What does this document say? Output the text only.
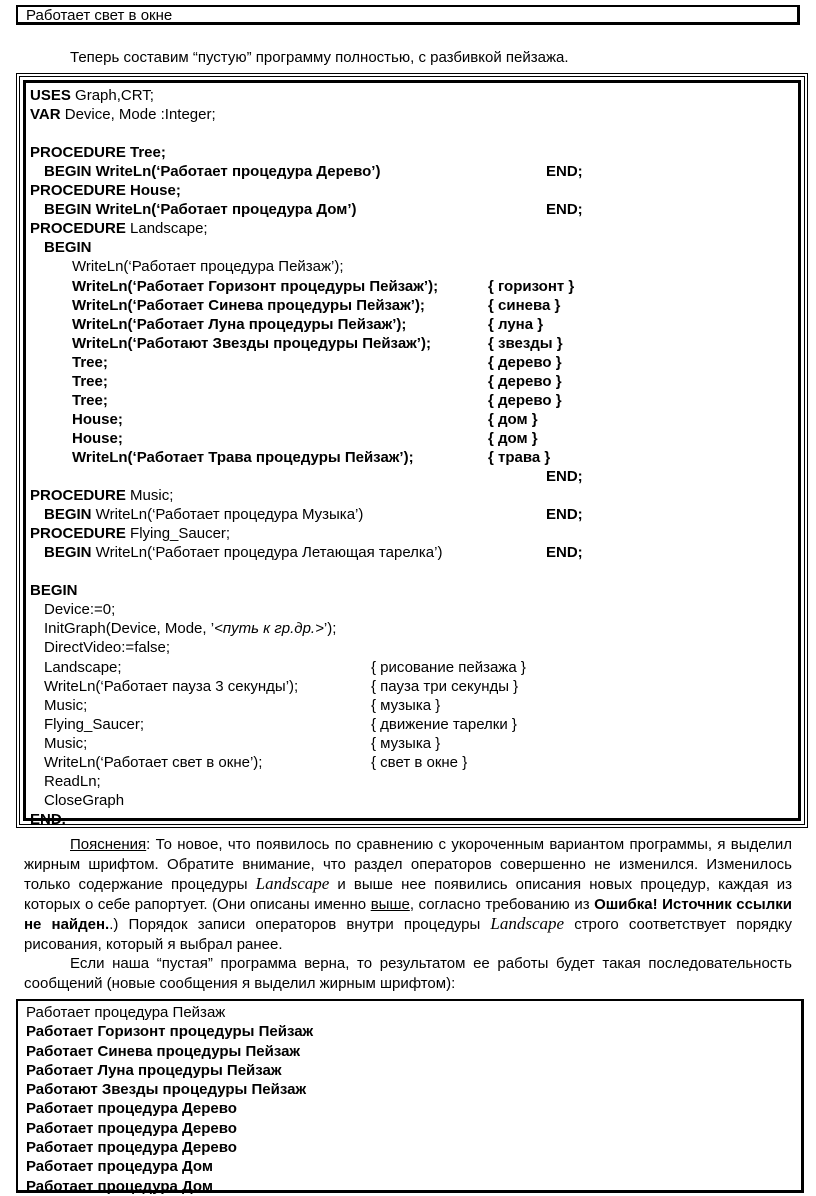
Работает свет в окне
Теперь составим “пустую” программу полностью, с разбивкой пейзажа.
USES Graph,CRT;
VAR Device, Mode :Integer;
PROCEDURE Tree;
BEGIN WriteLn(‘Работает процедура Дерево’)	END;
PROCEDURE House;
BEGIN WriteLn(‘Работает процедура Дом’)	END;
PROCEDURE Landscape;
BEGIN
WriteLn(‘Работает процедура Пейзаж’);
WriteLn(‘Работает Горизонт процедуры Пейзаж’);	{ горизонт }
WriteLn(‘Работает Синева процедуры Пейзаж’);	{ синева }
WriteLn(‘Работает Луна процедуры Пейзаж’);	{ луна }
WriteLn(‘Работают Звезды процедуры Пейзаж’);	{ звезды }
Tree;	{ дерево }
Tree;	{ дерево }
Tree;	{ дерево }
House;	{ дом }
House;	{ дом }
WriteLn(‘Работает Трава процедуры Пейзаж’);	{ трава }
END;
PROCEDURE Music;
BEGIN WriteLn(‘Работает процедура Музыка’)	END;
PROCEDURE Flying_Saucer;
BEGIN WriteLn(‘Работает процедура Летающая тарелка’)	END;
BEGIN
Device:=0;
InitGraph(Device, Mode, ’<путь к гр.др.>’);
DirectVideo:=false;
Landscape;	{ рисование пейзажа }
WriteLn(‘Работает пауза 3 секунды’);	{ пауза три секунды }
Music;	{ музыка }
Flying_Saucer;	{ движение тарелки }
Music;	{ музыка }
WriteLn(‘Работает свет в окне’);	{ свет в окне }
ReadLn;
CloseGraph
END.

Пояснения: То новое, что появилось по сравнению с укороченным вариантом программы, я выделил жирным шрифтом. Обратите внимание, что раздел операторов совершенно не изменился. Изменилось только содержание процедуры Landscape и выше нее появились описания новых процедур, каждая из которых о себе рапортует. (Они описаны именно выше, согласно требованию из Ошибка! Источник ссылки не найден..) Порядок записи операторов внутри процедуры Landscape строго соответствует порядку рисования, который я выбрал ранее.

Если наша “пустая” программа верна, то результатом ее работы будет такая последовательность сообщений (новые сообщения я выделил жирным шрифтом):

Работает процедура Пейзаж
Работает Горизонт процедуры Пейзаж
Работает Синева процедуры Пейзаж
Работает Луна процедуры Пейзаж
Работают Звезды процедуры Пейзаж
Работает процедура Дерево
Работает процедура Дерево
Работает процедура Дерево
Работает процедура Дом
Работает процедура Дом
